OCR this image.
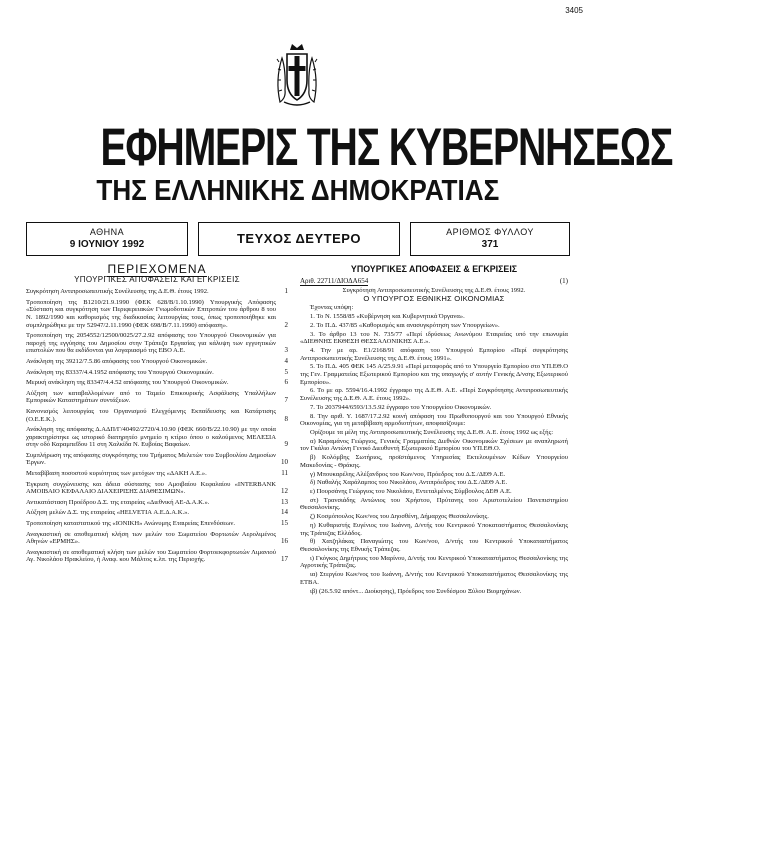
3405
ΕΦΗΜΕΡΙΣ ΤΗΣ ΚΥΒΕΡΝΗΣΕΩΣ
ΤΗΣ ΕΛΛΗΝΙΚΗΣ ΔΗΜΟΚΡΑΤΙΑΣ
ΑΘΗΝΑ
9 ΙΟΥΝΙΟΥ 1992	ΤΕΥΧΟΣ ΔΕΥΤΕΡΟ	ΑΡΙΘΜΟΣ ΦΥΛΛΟΥ
371
ΠΕΡΙΕΧΟΜΕΝΑ
ΥΠΟΥΡΓΙΚΕΣ ΑΠΟΦΑΣΕΙΣ ΚΑΙ ΕΓΚΡΙΣΕΙΣ
Συγκρότηση Αντιπροσωπευτικής Συνέλευσης της Δ.Ε.Θ. έτους 1992.	1
Τροποποίηση της Β1210/21.9.1990 (ΦΕΚ 628/Β/1.10.1990) Υπουργικής Απόφασης «Σύσταση και συγκρότηση των Περιφερειακών Γνωμοδοτικών Επιτροπών του άρθρου 8 του Ν. 1892/1990 και καθορισμός της διαδικασίας λειτουργίας τους, όπως τροποποιήθηκε και συμπληρώθηκε με την 52947/2.11.1990 (ΦΕΚ 698/Β/7.11.1990) απόφαση».	2
Τροποποίηση της 2054552/12500/0025/27.2.92 απόφασης του Υπουργού Οικονομικών για παροχή της εγγύησης του Δημοσίου στην Τράπεζα Εργασίας για κάλυψη των εγγυητικών επιστολών που θα εκδίδονται για λογαριασμό της EBO A.E.	3
Ανάκληση της 39212/7.5.86 απόφασης του Υπουργού Οικονομικών.	4
Ανάκληση της 83337/4.4.1952 απόφασης του Υπουργού Οικονομικών.	5
Μερική ανάκληση της 83347/4.4.52 απόφασης του Υπουργού Οικονομικών.	6
Αύξηση των καταβαλλομένων από το Ταμείο Επικουρικής Ασφάλισης Υπαλλήλων Εμπορικών Καταστημάτων συντάξεων.	7
Κανονισμός λειτουργίας του Οργανισμού Ελεγχόμενης Εκπαίδευσης και Κατάρτισης (Ο.Ε.Ε.Κ.).	8
Ανάκληση της απόφασης Δ.ΑΔΠ/Γ/40492/2720/4.10.90 (ΦΕΚ 660/Β/22.10.90) με την οποία χαρακτηρίστηκε ως ιστορικό διατηρητέο μνημείο η κτίριο όπου ο καλούμενος ΜΕΛΕΣΙΑ στην οδό Καραμπεΐδου 11 στη Χαλκίδα Ν. Ευβοίας Βαφαίων.	9
Συμπλήρωση της απόφασης συγκρότησης του Τμήματος Μελετών του Συμβουλίου Δημοσίων Έργων.	10
Μεταβίβαση ποσοστού κυριότητας των μετόχων της «ΔΑΚΗ Α.Ε.».	11
Έγκριση συγχώνευσης και άδεια σύστασης του Αμοιβαίου Κεφαλαίου «INTERBANK ΑΜΟΙΒΑΙΟ ΚΕΦΑΛΑΙΟ ΔΙΑΧΕΙΡΙΣΗΣ ΔΙΑΘΕΣΙΜΩΝ».	12
Αντικατάσταση Προέδρου Δ.Σ. της εταιρείας «Διεθνική ΑΕ-Δ.Α.Κ.».	13
Αύξηση μελών Δ.Σ. της εταιρείας «HELVETIA Α.Ε.Δ.Α.Κ.».	14
Τροποποίηση καταστατικού της «ΙΟΝΙΚΗ» Ανώνυμης Εταιρείας Επενδύσεων.	15
Αναγκαστική σε αποθεματική κλήση των μελών του Σωματείου Φορτωτών Αερολιμένος Αθηνών «ΕΡΜΗΣ».	16
Αναγκαστική σε αποθεματική κλήση των μελών του Σωματείου Φορτοεκφορτωτών Λιμανιού Αγ. Νικολάου Ηρακλείου, ή Αναφ. κου Μάλτος κ.λπ. της Περιοχής.	17
ΥΠΟΥΡΓΙΚΕΣ ΑΠΟΦΑΣΕΙΣ & ΕΓΚΡΙΣΕΙΣ
Αριθ. 22711/ΔΙΟΔΑ654	(1)
Συγκρότηση Αντιπροσωπευτικής Συνέλευσης της Δ.Ε.Θ. έτους 1992.
Ο ΥΠΟΥΡΓΟΣ ΕΘΝΙΚΗΣ ΟΙΚΟΝΟΜΙΑΣ
Έχοντας υπόψη:
1. Το Ν. 1558/85 «Κυβέρνηση και Κυβερνητικά Όργανα».
2. Το Π.Δ. 437/85 «Καθορισμός και ανασυγκρότηση των Υπουργείων».
3. Το άρθρο 13 του Ν. 735/77 «Περί ιδρύσεως Ανωνύμου Εταιρείας υπό την επωνυμία «ΔΙΕΘΝΗΣ ΕΚΘΕΣΗ ΘΕΣΣΑΛΟΝΙΚΗΣ Α.Ε.».
4. Την με αρ. Ε1/2168/91 απόφαση του Υπουργού Εμπορίου «Περί συγκρότησης Αντιπροσωπευτικής Συνέλευσης της Δ.Ε.Θ. έτους 1991».
5. Το Π.Δ. 405 ΦΕΚ 145 Α/25.9.91 «Περί μεταφοράς από το Υπουργείο Εμπορίου στο ΥΠ.ΕΘ.Ο της Γεν. Γραμματείας Εξωτερικού Εμπορίου και της υπαγωγής σ' αυτήν Γενικής Δ/νσης Εξωτερικού Εμπορίου».
6. Το με αρ. 5594/16.4.1992 έγγραφο της Δ.Ε.Θ. Α.Ε. «Περί Συγκρότησης Αντιπροσωπευτικής Συνέλευσης της Δ.Ε.Θ. Α.Ε. έτους 1992».
7. Το 2037944/6593/13.5.92 έγγραφο του Υπουργείου Οικονομικών.
8. Την αριθ. Υ. 1687/17.2.92 κοινή απόφαση του Πρωθυπουργού και του Υπουργού Εθνικής Οικονομίας, για τη μεταβίβαση αρμοδιοτήτων, αποφασίζουμε:
Ορίζουμε τα μέλη της Αντιπροσωπευτικής Συνέλευσης της Δ.Ε.Θ. Α.Ε. έτους 1992 ως εξής:
α) Καραμάνος Γεώργιος, Γενικός Γραμματέας Διεθνών Οικονομικών Σχέσεων με αναπληρωτή τον Γκάλιο Αντώνη Γενικό Διευθυντή Εξωτερικού Εμπορίου του ΥΠ.ΕΘ.Ο.
β) Κολόμβης Σωτήριος, προϊστάμενος Υπηρεσίας Εκτελουμένων Κέδων Υπουργείου Μακεδονίας - Θράκης.
γ) Μπουκαρέλης Αλέξανδρος του Κων/νου, Πρόεδρος του Δ.Σ./ΔΕΘ Α.Ε.
δ) Ναθαλής Χαράλαμπος του Νικολάου, Αντιπρόεδρος του Δ.Σ./ΔΕΘ Α.Ε.
ε) Πουρσάνης Γεώργιος του Νικολάου, Εντεταλμένος Σύμβουλος ΔΕΘ Α.Ε.
στ) Τρανσιάδης Αντώνιος του Χρήστου, Πρύτανης του Αριστοτελείου Πανεπιστημίου Θεσσαλονίκης.
ζ) Κοσμόπουλος Κων/νος του Δηοσθένη, Δήμαρχος Θεσσαλονίκης.
η) Κυθαριστής Ευγένιος του Ιωάννη, Δ/ντής του Κεντρικού Υποκαταστήματος Θεσσαλονίκης της Τράπεζας Ελλάδος.
θ) Χατζηλάκας Παναγιώτης του Κων/νου, Δ/ντής του Κεντρικού Υποκαταστήματος Θεσσαλονίκης της Εθνικής Τράπεζας.
ι) Γκόγκος Δημήτριος του Μαρίνου, Δ/ντής του Κεντρικού Υποκαταστήματος Θεσσαλονίκης της Αγροτικής Τράπεζας.
ια) Στεργίου Κων/νος του Ιωάννη, Δ/ντής του Κεντρικού Υποκαταστήματος Θεσσαλονίκης της ΕΤΒΑ.
ιβ) (26.5.92 απόντ... Διοίκησης), Πρόεδρος του Συνδέσμου Ξύλου Βιομηχάνων.
